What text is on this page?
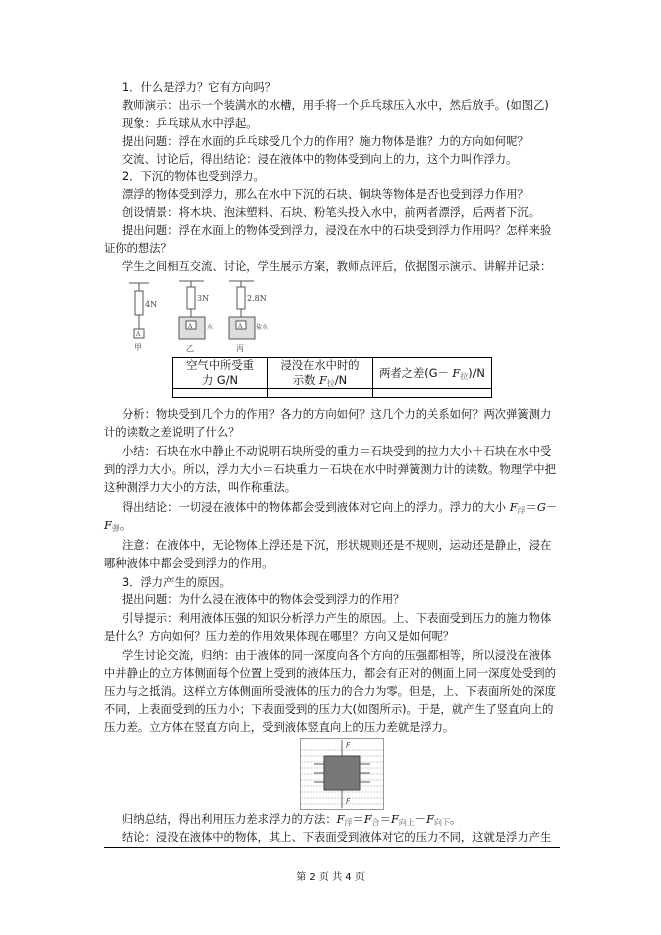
1．什么是浮力？它有方向吗？
教师演示：出示一个装满水的水槽，用手将一个乒乓球压入水中，然后放手。(如图乙)
现象：乒乓球从水中浮起。
提出问题：浮在水面的乒乓球受几个力的作用？施力物体是谁？力的方向如何呢？
交流、讨论后，得出结论：浸在液体中的物体受到向上的力，这个力叫作浮力。
2．下沉的物体也受到浮力。
漂浮的物体受到浮力，那么在水中下沉的石块、铜块等物体是否也受到浮力作用？
创设情景：将木块、泡沫塑料、石块、粉笔头投入水中，前两者漂浮，后两者下沉。
提出问题：浮在水面上的物体受到浮力，浸没在水中的石块受到浮力作用吗？怎样来验
证你的想法？
学生之间相互交流、讨论，学生展示方案，教师点评后，依据图示演示、讲解并记录：
4N
3N	2.8N
A
A	A
水	盐水
甲	乙	丙
空气中所受重
力 G/N	浸没在水中时的
示数 $F_拉/N$	两者之差$(G- F_拉)/N$

分析：物块受到几个力的作用？各力的方向如何？这几个力的关系如何？两次弹簧测力
计的读数之差说明了什么？
小结：石块在水中静止不动说明石块所受的重力＝石块受到的拉力大小＋石块在水中受
到的浮力大小。所以，浮力大小＝石块重力－石块在水中时弹簧测力计的读数。物理学中把
这种测浮力大小的方法，叫作称重法。
得出结论：一切浸在液体中的物体都会受到液体对它向上的浮力。浮力的大小 $F_浮=G-$
$F_弹$。
注意：在液体中，无论物体上浮还是下沉，形状规则还是不规则，运动还是静止，浸在
哪种液体中都会受到浮力的作用。
3．浮力产生的原因。
提出问题：为什么浸在液体中的物体会受到浮力的作用？
引导提示：利用液体压强的知识分析浮力产生的原因。上、下表面受到压力的施力物体
是什么？方向如何？压力差的作用效果体现在哪里？方向又是如何呢？
学生讨论交流，归纳：由于液体的同一深度向各个方向的压强都相等，所以浸没在液体
中并静止的立方体侧面每个位置上受到的液体压力，都会有正对的侧面上同一深度处受到的
压力与之抵消。这样立方体侧面所受液体的压力的合力为零。但是，上、下表面所处的深度
不同，上表面受到的压力小；下表面受到的压力大(如图所示)。于是，就产生了竖直向上的
压力差。立方体在竖直方向上，受到液体竖直向上的压力差就是浮力。
F
F
归纳总结，得出利用压力差求浮力的方法：$F_浮=F_合=F_{向上}-F_{向下}$。
结论：浸没在液体中的物体，其上、下表面受到液体对它的压力不同，这就是浮力产生
第 2 页 共 4 页
